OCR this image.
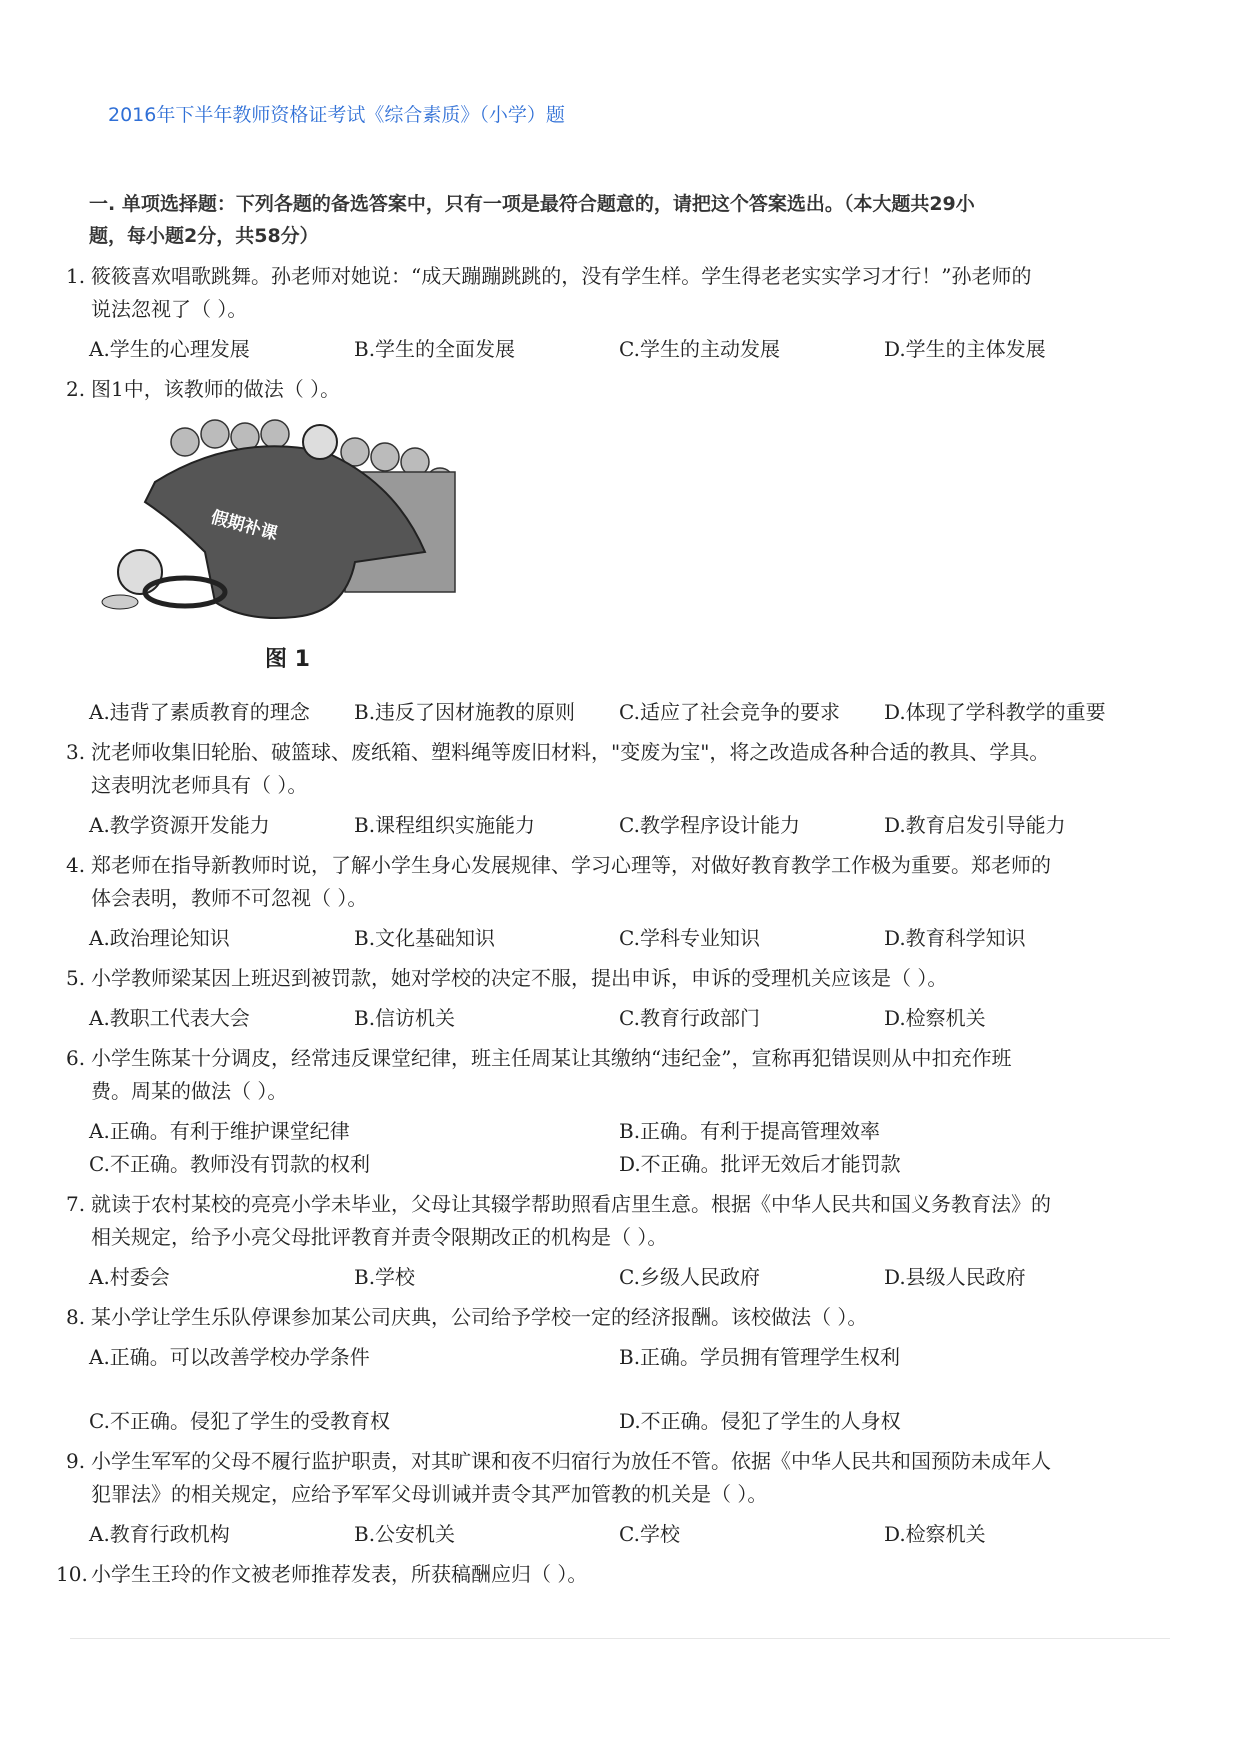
2016年下半年教师资格证考试《综合素质》（小学）题
一. 单项选择题：下列各题的备选答案中，只有一项是最符合题意的，请把这个答案选出。（本大题共29小
题，每小题2分，共58分）
1. 筱筱喜欢唱歌跳舞。孙老师对她说：“成天蹦蹦跳跳的，没有学生样。学生得老老实实学习才行！”孙老师的
说法忽视了（ ）。
A.学生的心理发展	B.学生的全面发展	C.学生的主动发展	D.学生的主体发展
2. 图1中，该教师的做法（ ）。
假期补课
图 1
A.违背了素质教育的理念 B.违反了因材施教的原则 C.适应了社会竞争的要求 D.体现了学科教学的重要
3. 沈老师收集旧轮胎、破篮球、废纸箱、塑料绳等废旧材料，"变废为宝"，将之改造成各种合适的教具、学具。
这表明沈老师具有（ ）。
A.教学资源开发能力	B.课程组织实施能力	C.教学程序设计能力	D.教育启发引导能力
4. 郑老师在指导新教师时说，了解小学生身心发展规律、学习心理等，对做好教育教学工作极为重要。郑老师的
体会表明，教师不可忽视（ ）。
A.政治理论知识	B.文化基础知识	C.学科专业知识	D.教育科学知识
5. 小学教师梁某因上班迟到被罚款，她对学校的决定不服，提出申诉，申诉的受理机关应该是（ ）。
A.教职工代表大会	B.信访机关	C.教育行政部门	D.检察机关
6. 小学生陈某十分调皮，经常违反课堂纪律，班主任周某让其缴纳“违纪金”，宣称再犯错误则从中扣充作班
费。周某的做法（ ）。
A.正确。有利于维护课堂纪律	B.正确。有利于提高管理效率
C.不正确。教师没有罚款的权利	D.不正确。批评无效后才能罚款
7. 就读于农村某校的亮亮小学未毕业，父母让其辍学帮助照看店里生意。根据《中华人民共和国义务教育法》的
相关规定，给予小亮父母批评教育并责令限期改正的机构是（ ）。
A.村委会	B.学校	C.乡级人民政府	D.县级人民政府
8. 某小学让学生乐队停课参加某公司庆典，公司给予学校一定的经济报酬。该校做法（ ）。
A.正确。可以改善学校办学条件	B.正确。学员拥有管理学生权利
C.不正确。侵犯了学生的受教育权	D.不正确。侵犯了学生的人身权
9. 小学生军军的父母不履行监护职责，对其旷课和夜不归宿行为放任不管。依据《中华人民共和国预防未成年人
犯罪法》的相关规定，应给予军军父母训诫并责令其严加管教的机关是（ ）。
A.教育行政机构	B.公安机关	C.学校	D.检察机关
10. 小学生王玲的作文被老师推荐发表，所获稿酬应归（ ）。
